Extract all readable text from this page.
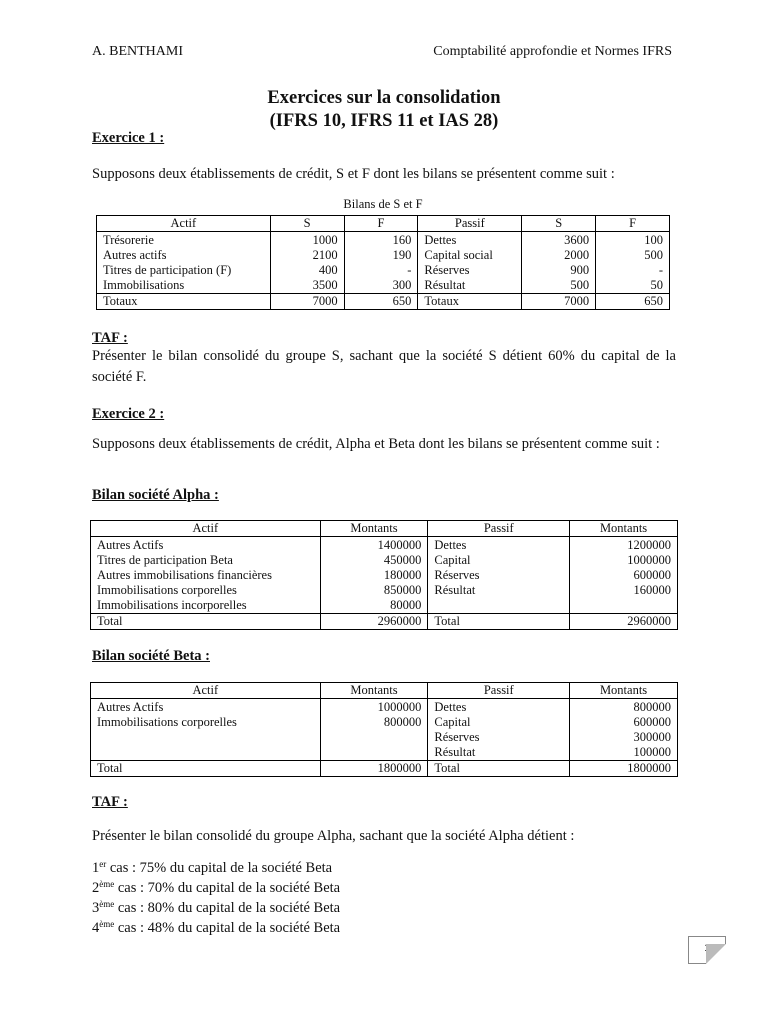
A. BENTHAMI	Comptabilité approfondie et Normes IFRS
Exercices sur la consolidation
(IFRS 10, IFRS 11 et IAS 28)
Exercice 1 :
Supposons deux établissements de crédit, S et F dont les bilans se présentent comme suit :
Bilans de S et F
Actif	S	F	Passif	S	F
Trésorerie	1000	160	Dettes	3600	100
Autres actifs	2100	190	Capital social	2000	500
Titres de participation (F)	400	-	Réserves	900	-
Immobilisations	3500	300	Résultat	500	50
Totaux	7000	650	Totaux	7000	650
TAF :
Présenter le bilan consolidé du groupe S, sachant que la société S détient 60% du capital de la société F.
Exercice 2 :
Supposons deux établissements de crédit, Alpha et Beta dont les bilans se présentent comme suit :
Bilan société Alpha :
Actif	Montants	Passif	Montants
Autres Actifs	1400000	Dettes	1200000
Titres de participation Beta	450000	Capital	1000000
Autres immobilisations financières	180000	Réserves	600000
Immobilisations corporelles	850000	Résultat	160000
Immobilisations incorporelles	80000		
Total	2960000	Total	2960000
Bilan société Beta :
Actif	Montants	Passif	Montants
Autres Actifs	1000000	Dettes	800000
Immobilisations corporelles	800000	Capital	600000
		Réserves	300000
		Résultat	100000
Total	1800000	Total	1800000
TAF :
Présenter le bilan consolidé du groupe Alpha, sachant que la société Alpha détient :
1er cas : 75% du capital de la société Beta
2ème cas : 70% du capital de la société Beta
3ème cas : 80% du capital de la société Beta
4ème cas : 48% du capital de la société Beta
1
